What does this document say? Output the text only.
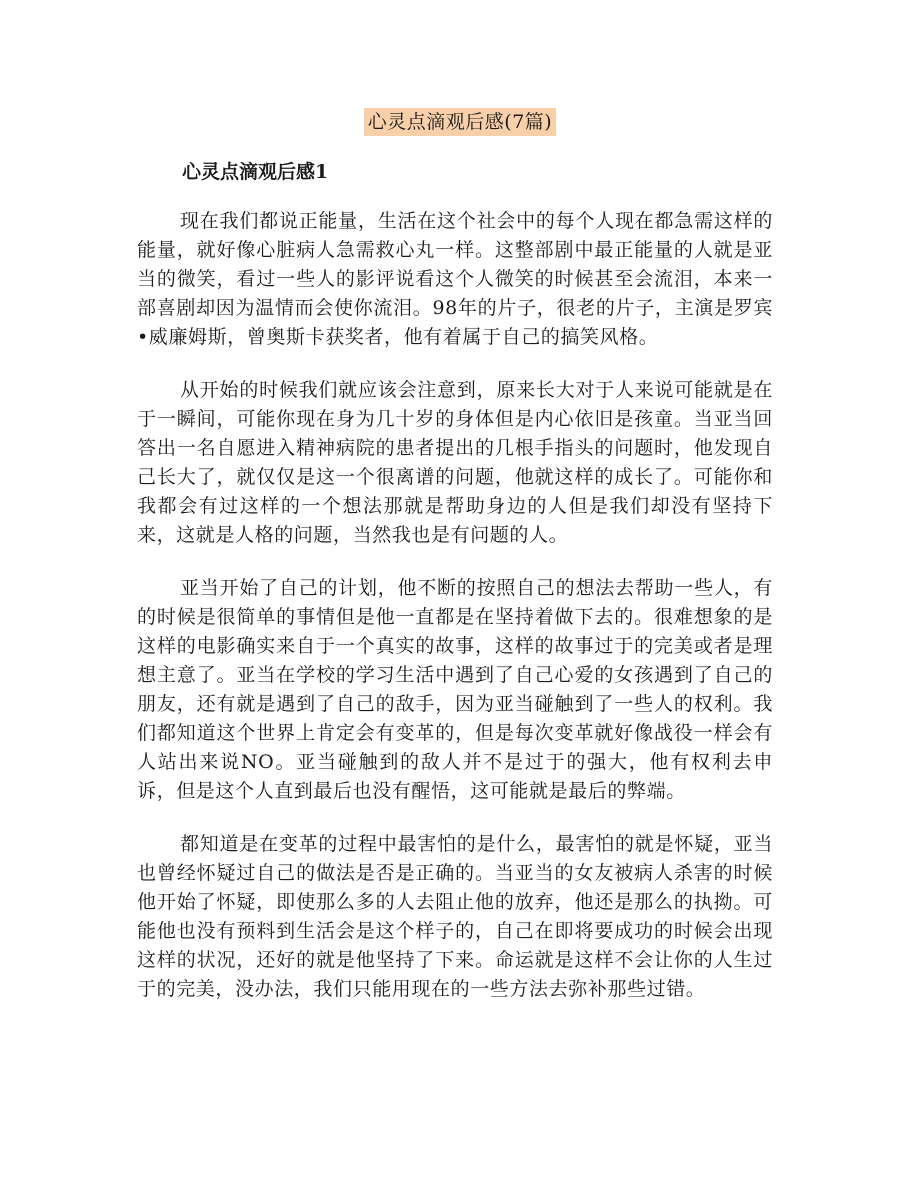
心灵点滴观后感(7篇)
心灵点滴观后感1

现在我们都说正能量，生活在这个社会中的每个人现在都急需这样的能量，就好像心脏病人急需救心丸一样。这整部剧中最正能量的人就是亚当的微笑，看过一些人的影评说看这个人微笑的时候甚至会流泪，本来一部喜剧却因为温情而会使你流泪。98年的片子，很老的片子，主演是罗宾•威廉姆斯，曾奥斯卡获奖者，他有着属于自己的搞笑风格。

从开始的时候我们就应该会注意到，原来长大对于人来说可能就是在于一瞬间，可能你现在身为几十岁的身体但是内心依旧是孩童。当亚当回答出一名自愿进入精神病院的患者提出的几根手指头的问题时，他发现自己长大了，就仅仅是这一个很离谱的问题，他就这样的成长了。可能你和我都会有过这样的一个想法那就是帮助身边的人但是我们却没有坚持下来，这就是人格的问题，当然我也是有问题的人。

亚当开始了自己的计划，他不断的按照自己的想法去帮助一些人，有的时候是很简单的事情但是他一直都是在坚持着做下去的。很难想象的是这样的电影确实来自于一个真实的故事，这样的故事过于的完美或者是理想主意了。亚当在学校的学习生活中遇到了自己心爱的女孩遇到了自己的朋友，还有就是遇到了自己的敌手，因为亚当碰触到了一些人的权利。我们都知道这个世界上肯定会有变革的，但是每次变革就好像战役一样会有人站出来说NO。亚当碰触到的敌人并不是过于的强大，他有权利去申诉，但是这个人直到最后也没有醒悟，这可能就是最后的弊端。

都知道是在变革的过程中最害怕的是什么，最害怕的就是怀疑，亚当也曾经怀疑过自己的做法是否是正确的。当亚当的女友被病人杀害的时候他开始了怀疑，即使那么多的人去阻止他的放弃，他还是那么的执拗。可能他也没有预料到生活会是这个样子的，自己在即将要成功的时候会出现这样的状况，还好的就是他坚持了下来。命运就是这样不会让你的人生过于的完美，没办法，我们只能用现在的一些方法去弥补那些过错。
